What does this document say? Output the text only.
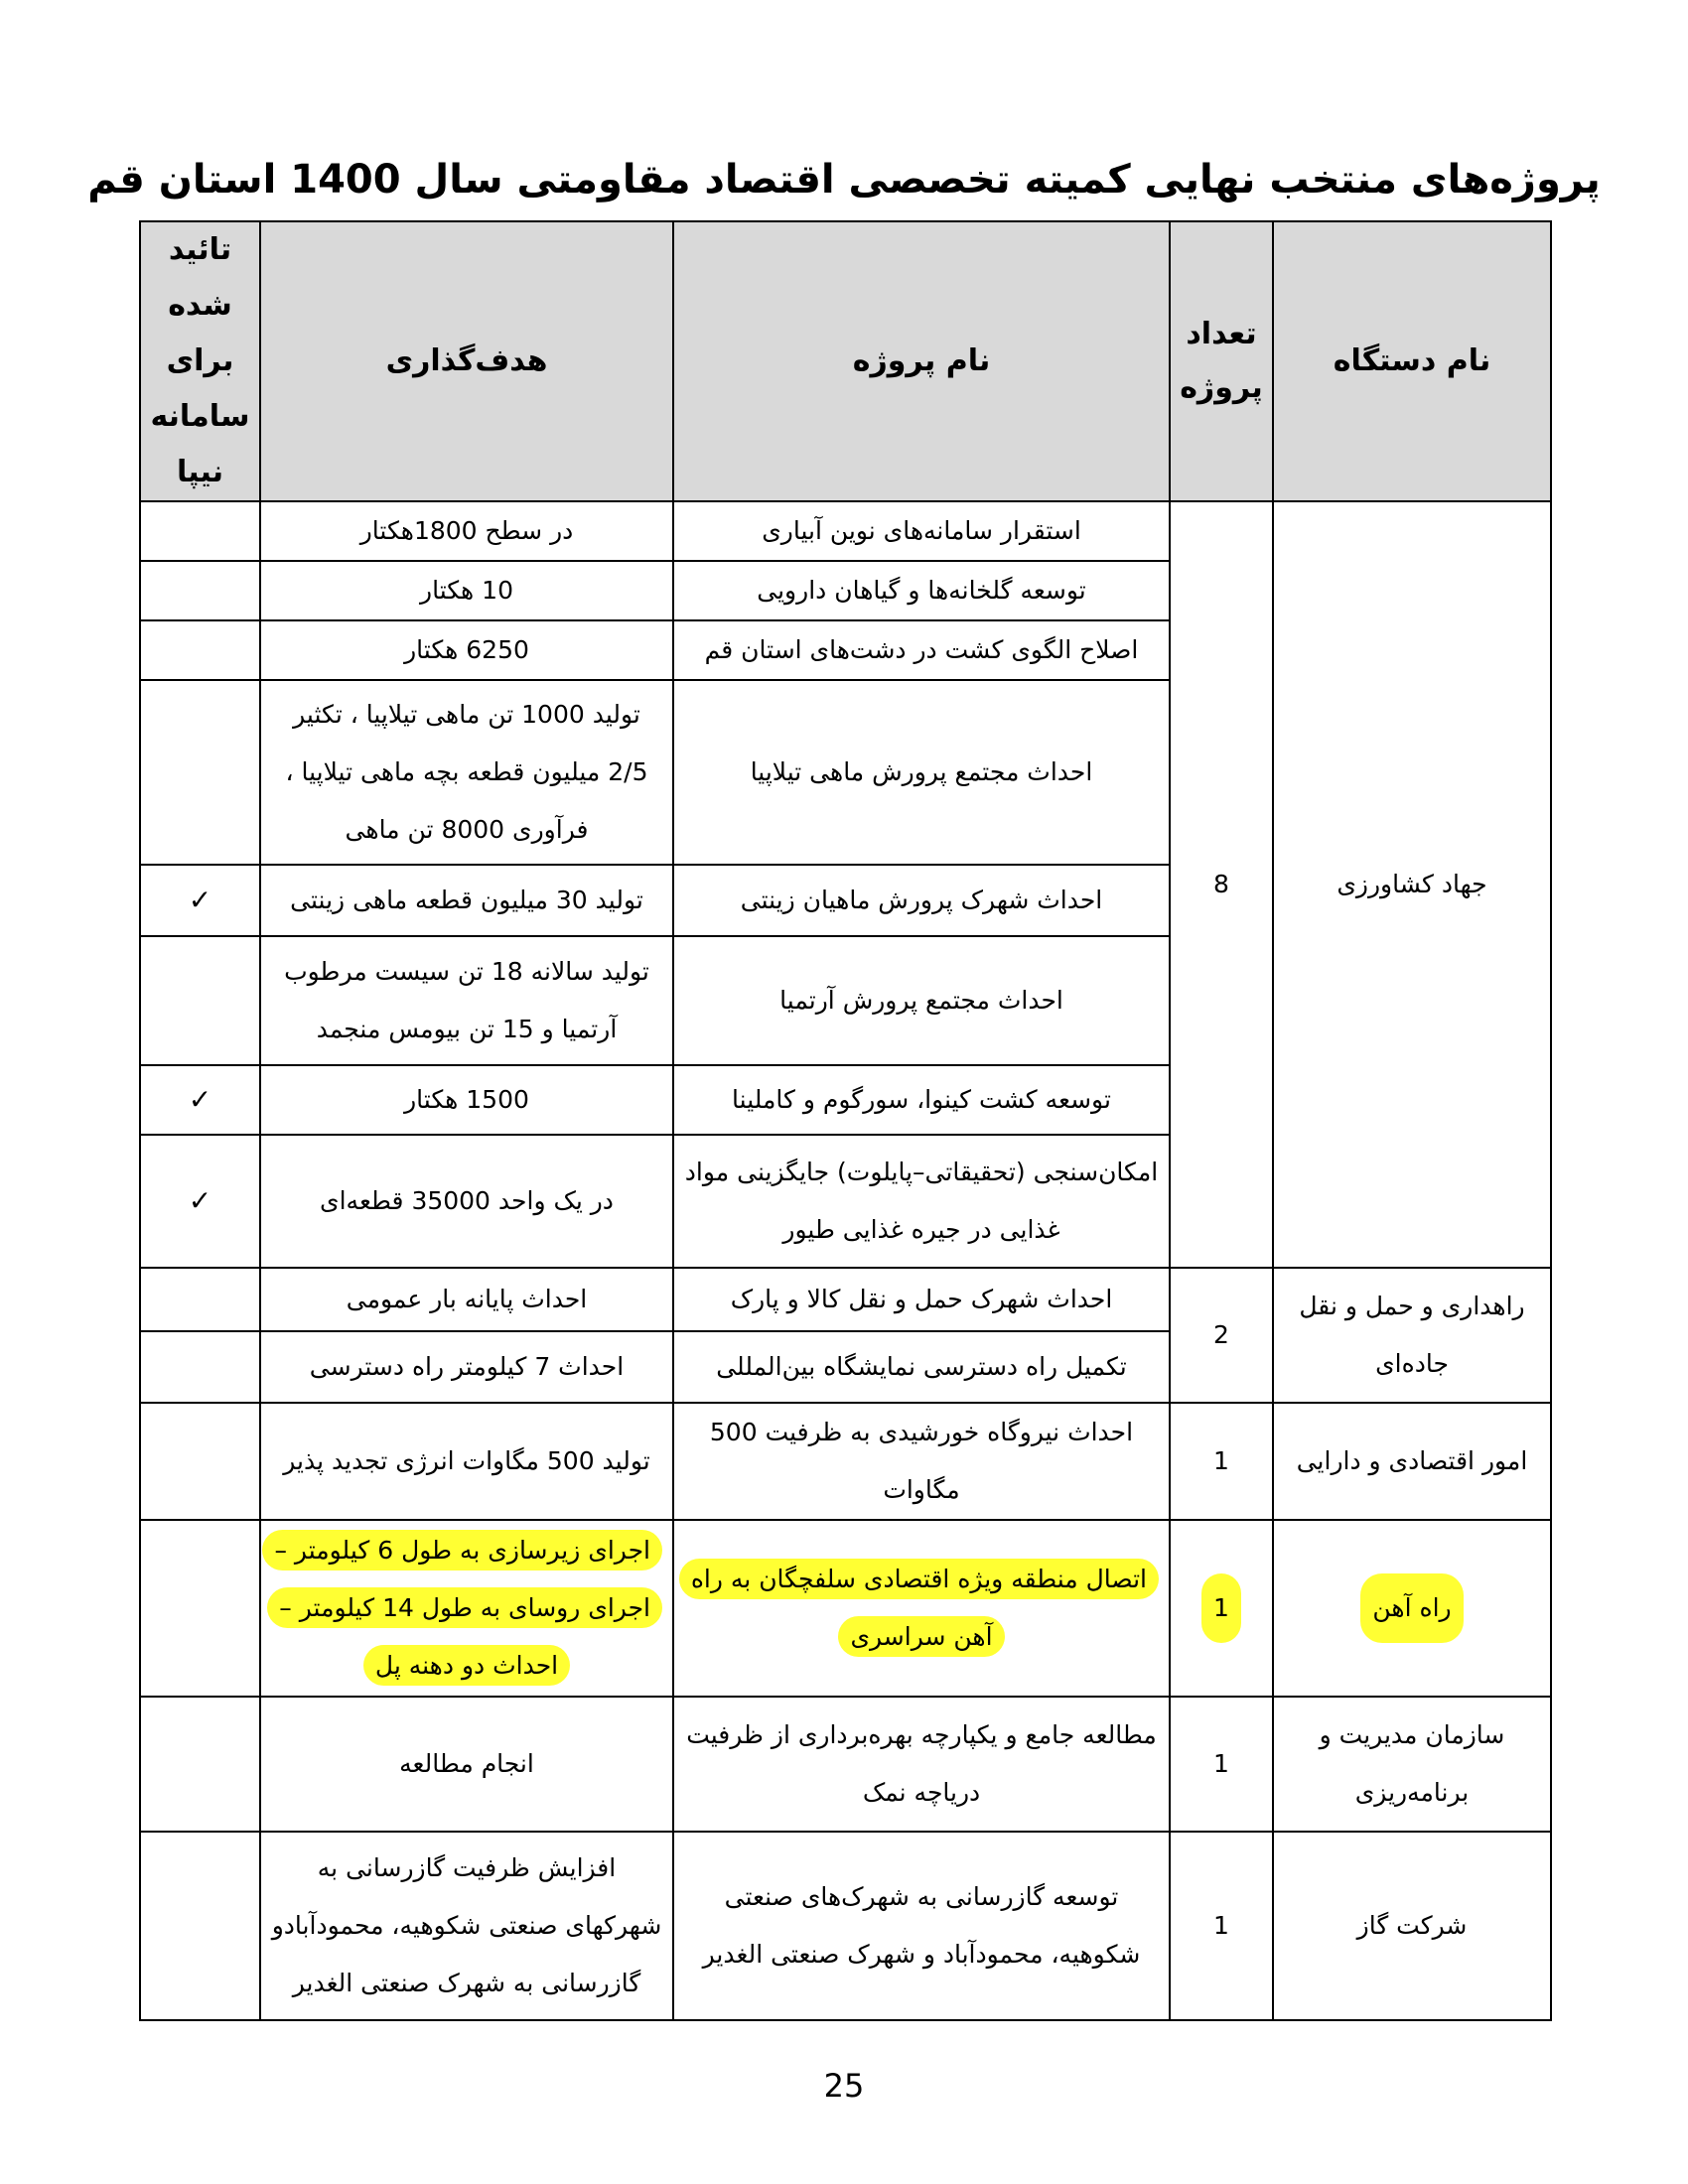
پروژه‌های منتخب نهایی کمیته تخصصی اقتصاد مقاومتی سال 1400 استان قم
نام دستگاه	تعداد پروژه	نام پروژه	هدف‌گذاری	تائید شده برای سامانه نیپا
جهاد کشاورزی	8	استقرار سامانه‌های نوین آبیاری	در سطح 1800هکتار	
		توسعه گلخانه‌ها و گیاهان دارویی	10 هکتار	
		اصلاح الگوی کشت در دشت‌های استان قم	6250 هکتار	
		احداث مجتمع پرورش ماهی تیلاپیا	تولید 1000 تن ماهی تیلاپیا ، تکثیر 2/5 میلیون قطعه بچه ماهی تیلاپیا ، فرآوری 8000 تن ماهی	
		احداث شهرک پرورش ماهیان زینتی	تولید 30 میلیون قطعه ماهی زینتی	✓
		احداث مجتمع پرورش آرتمیا	تولید سالانه 18 تن سیست مرطوب آرتمیا و 15 تن بیومس منجمد	
		توسعه کشت کینوا، سورگوم و کاملینا	1500 هکتار	✓
		امکان‌سنجی (تحقیقاتی–پایلوت) جایگزینی مواد غذایی در جیره غذایی طیور	در یک واحد 35000 قطعه‌ای	✓
راهداری و حمل و نقل جاده‌ای	2	احداث شهرک حمل و نقل کالا و پارک	احداث پایانه بار عمومی	
		تکمیل راه دسترسی نمایشگاه بین‌المللی	احداث 7 کیلومتر راه دسترسی	
امور اقتصادی و دارایی	1	احداث نیروگاه خورشیدی به ظرفیت 500 مگاوات	تولید 500 مگاوات انرژی تجدید پذیر	
راه آهن	1	اتصال منطقه ویژه اقتصادی سلفچگان به راه آهن سراسری	اجرای زیرسازی به طول 6 کیلومتر – اجرای روسای به طول 14 کیلومتر – احداث دو دهنه پل	
سازمان مدیریت و برنامه‌ریزی	1	مطالعه جامع و یکپارچه بهره‌برداری از ظرفیت دریاچه نمک	انجام مطالعه	
شرکت گاز	1	توسعه گازرسانی به شهرک‌های صنعتی شکوهیه، محمودآباد و شهرک صنعتی الغدیر	افزایش ظرفیت گازرسانی به شهرکهای صنعتی شکوهیه، محمودآبادو گازرسانی به شهرک صنعتی الغدیر	
25
